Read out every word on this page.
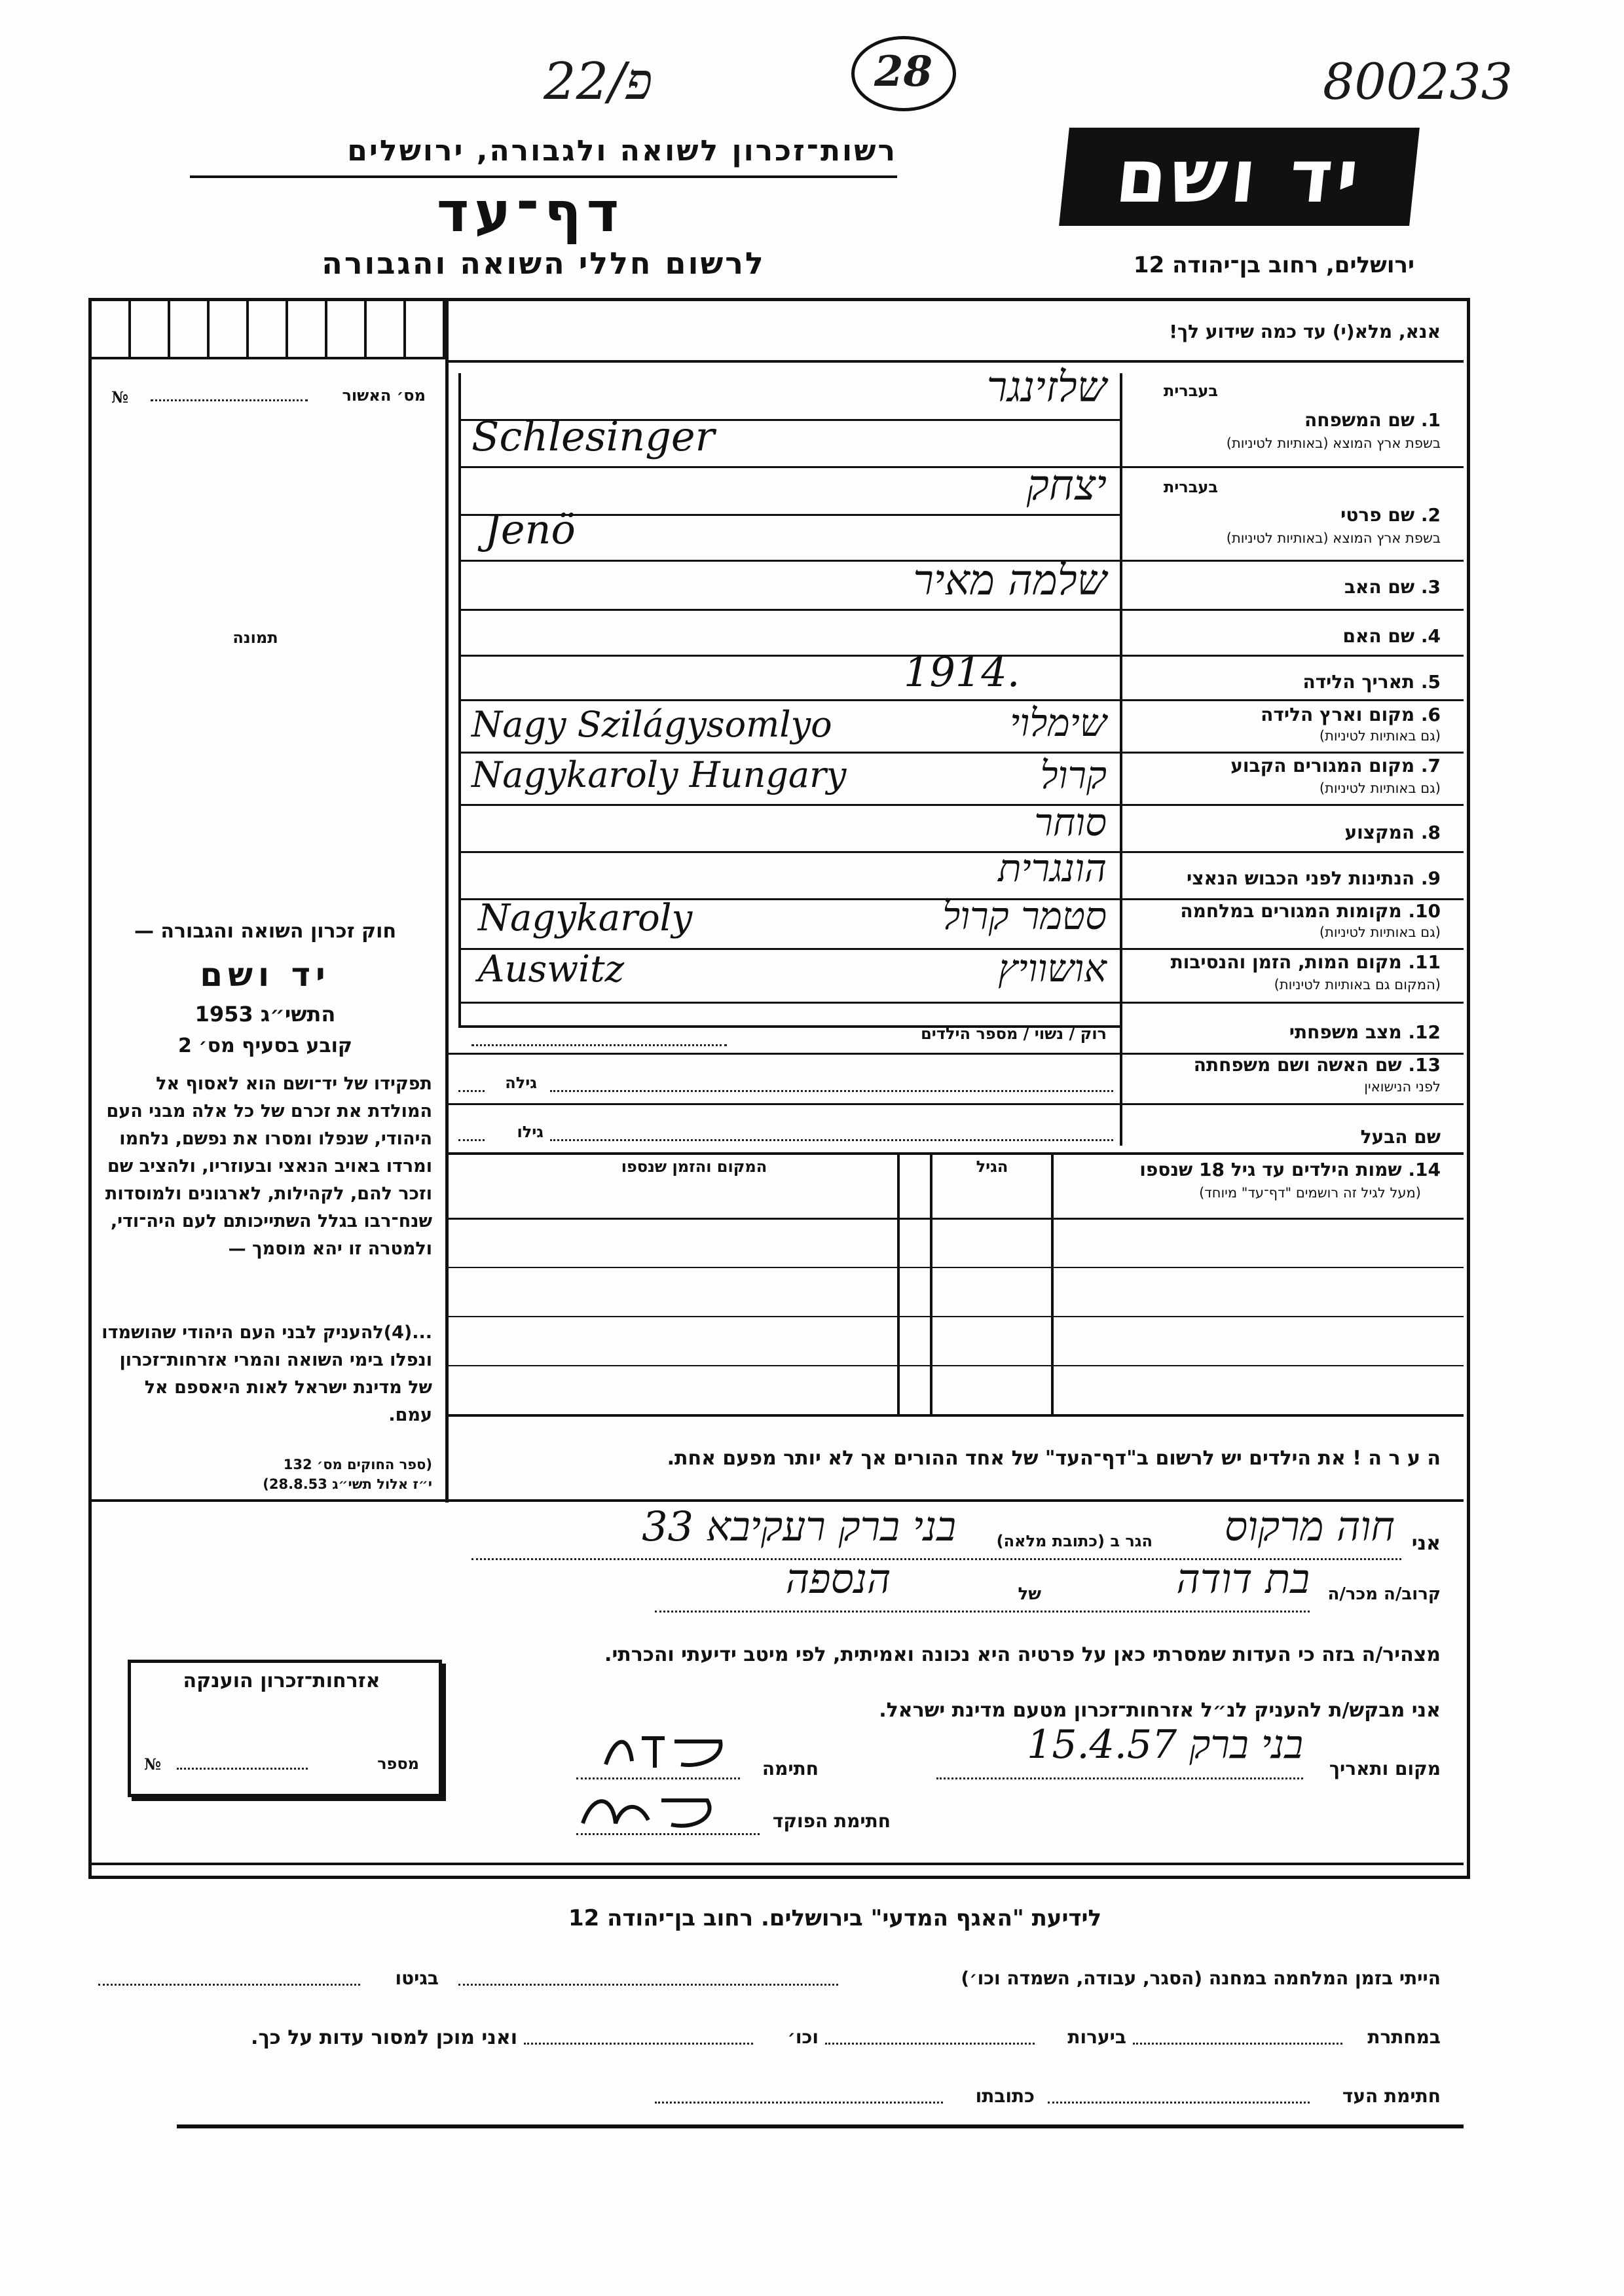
22/פ	28	800233
רשות־זכרון לשואה ולגבורה, ירושלים
דף־עד
לרשום חללי השואה והגבורה
יד ושם
ירושלים, רחוב בן־יהודה 12
מס׳ האשור
№
תמונה
אנא, מלא(י) עד כמה שידוע לך!
בעברית
1. שם המשפחה
בשפת ארץ המוצא (באותיות לטיניות)
שלזינגר
Schlesinger
בעברית
2. שם פרטי
בשפת ארץ המוצא (באותיות לטיניות)
יצחק
Jenö
3. שם האב
שלמה מאיר
4. שם האם
5. תאריך הלידה
1914.
6. מקום וארץ הלידה
(גם באותיות לטיניות)
שימלוי
Nagy Szilágysomlyo
7. מקום המגורים הקבוע
(גם באותיות לטיניות)
קרול
Nagykaroly Hungary
8. המקצוע
סוחר
9. הנתינות לפני הכבוש הנאצי
הונגרית
10. מקומות המגורים במלחמה
(גם באותיות לטיניות)
סטמר קרול
Nagykaroly
11. מקום המות, הזמן והנסיבות
(המקום גם באותיות לטיניות)
אושוויץ
Auswitz
12. מצב משפחתי
רוק / נשוי / מספר הילדים
13. שם האשה ושם משפחתה
לפני הנישואין
גילה
שם הבעל
גילו
14. שמות הילדים עד גיל 18 שנספו
(מעל לגיל זה רושמים "דף־עד" מיוחד)
הגיל
המקום והזמן שנספו
ה ע ר ה ! את הילדים יש לרשום ב"דף־העד" של אחד ההורים אך לא יותר מפעם אחת.
חוק זכרון השואה והגבורה —
יד ושם
התשי״ג 1953
קובע בסעיף מס׳ 2
תפקידו של יד־ושם הוא לאסוף אל המולדת את זכרם של כל אלה מבני העם היהודי, שנפלו ומסרו את נפשם, נלחמו ומרדו באויב הנאצי ובעוזריו, ולהציב שם וזכר להם, לקהילות, לארגונים ולמוסדות שנח־רבו בגלל השתייכותם לעם היה־ודי, ולמטרה זו יהא מוסמך —
...(4)להעניק לבני העם היהודי שהושמדו ונפלו בימי השואה והמרי אזרחות־זכרון של מדינת ישראל לאות היאספם אל עמם.
(ספר החוקים מס׳ 132
י״ז אלול תשי״ג 28.8.53)
אני
חוה מרקוס
הגר ב (כתובת מלאה)
בני ברק רעקיבא 33
קרוב/ה מכר/ה
בת דודה
של
הנספה
מצהיר/ה בזה כי העדות שמסרתי כאן על פרטיה היא נכונה ואמיתית, לפי מיטב ידיעתי והכרתי.
אני מבקש/ת להעניק לנ״ל אזרחות־זכרון מטעם מדינת ישראל.
מקום ותאריך
בני ברק 15.4.57
חתימה
חתימת הפוקד
אזרחות־זכרון הוענקה
מספר
№
לידיעת "האגף המדעי" בירושלים. רחוב בן־יהודה 12
הייתי בזמן המלחמה במחנה (הסגר, עבודה, השמדה וכו׳)
בגיטו
במחתרת
ביערות
וכו׳
ואני מוכן למסור עדות על כך.
חתימת העד
כתובתו
